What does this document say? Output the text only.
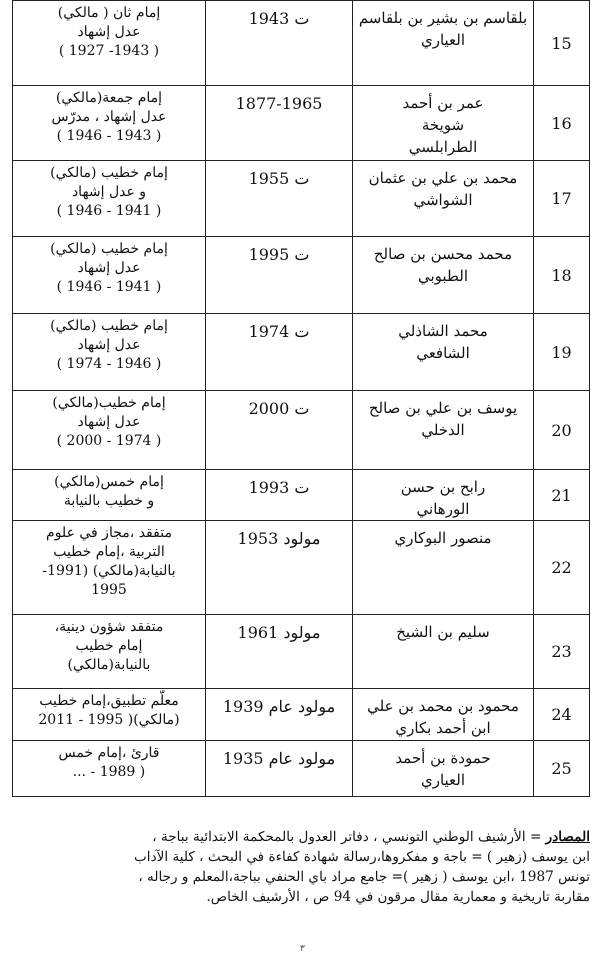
15	بلقاسم بن بشير بن بلقاسم
العياري	ت 1943	إمام ثان ( مالكي)
عدل إشهاد
( 1943- 1927 )

16	عمر بن أحمد
شويخة
الطرابلسي	1877-1965	إمام جمعة(مالكي)
عدل إشهاد ، مدرّس
( 1943 - 1946 )

17	محمد بن علي بن عثمان
الشواشي	ت 1955	إمام خطيب (مالكي)
و عدل إشهاد
( 1941 - 1946 )

18	محمد محسن بن صالح
الطبوبي	ت 1995	إمام خطيب (مالكي)
عدل إشهاد
( 1941 - 1946 )

19	محمد الشاذلي
الشافعي	ت 1974	إمام خطيب (مالكي)
عدل إشهاد
( 1946 - 1974 )

20	يوسف بن علي بن صالح
الدخلي	ت 2000	إمام خطيب(مالكي)
عدل إشهاد
( 1974 - 2000 )

21	رابح بن حسن
الورهاني	ت 1993	إمام خمس(مالكي)
و خطيب بالنيابة

22	منصور البوكاري	مولود 1953	متفقد ،مجاز في علوم
التربية ،إمام خطيب
بالنيابة(مالكي) (1991-
1995

23	سليم بن الشيخ	مولود 1961	متفقد شؤون دينية،
إمام خطيب
بالنيابة(مالكي)

24	محمود بن محمد بن علي
ابن أحمد بكاري	مولود عام 1939	معلّم تطبيق،إمام خطيب
(مالكي)( 1995 - 2011

25	حمودة بن أحمد
العياري	مولود عام 1935	قارئ ،إمام خمس
( 1989 - ...
المصادر = الأرشيف الوطني التونسي ، دفاتر العدول بالمحكمة الابتدائية بباجة ،
ابن يوسف (زهير ) = باجة و مفكروها،رسالة شهادة كفاءة في البحث ، كلية الآداب
تونس 1987 ،ابن يوسف ( زهير )= جامع مراد باي الحنفي بباجة،المعلم و رجاله ،
مقاربة تاريخية و معمارية مقال مرقون في 94 ص ، الأرشيف الخاص.
٣
